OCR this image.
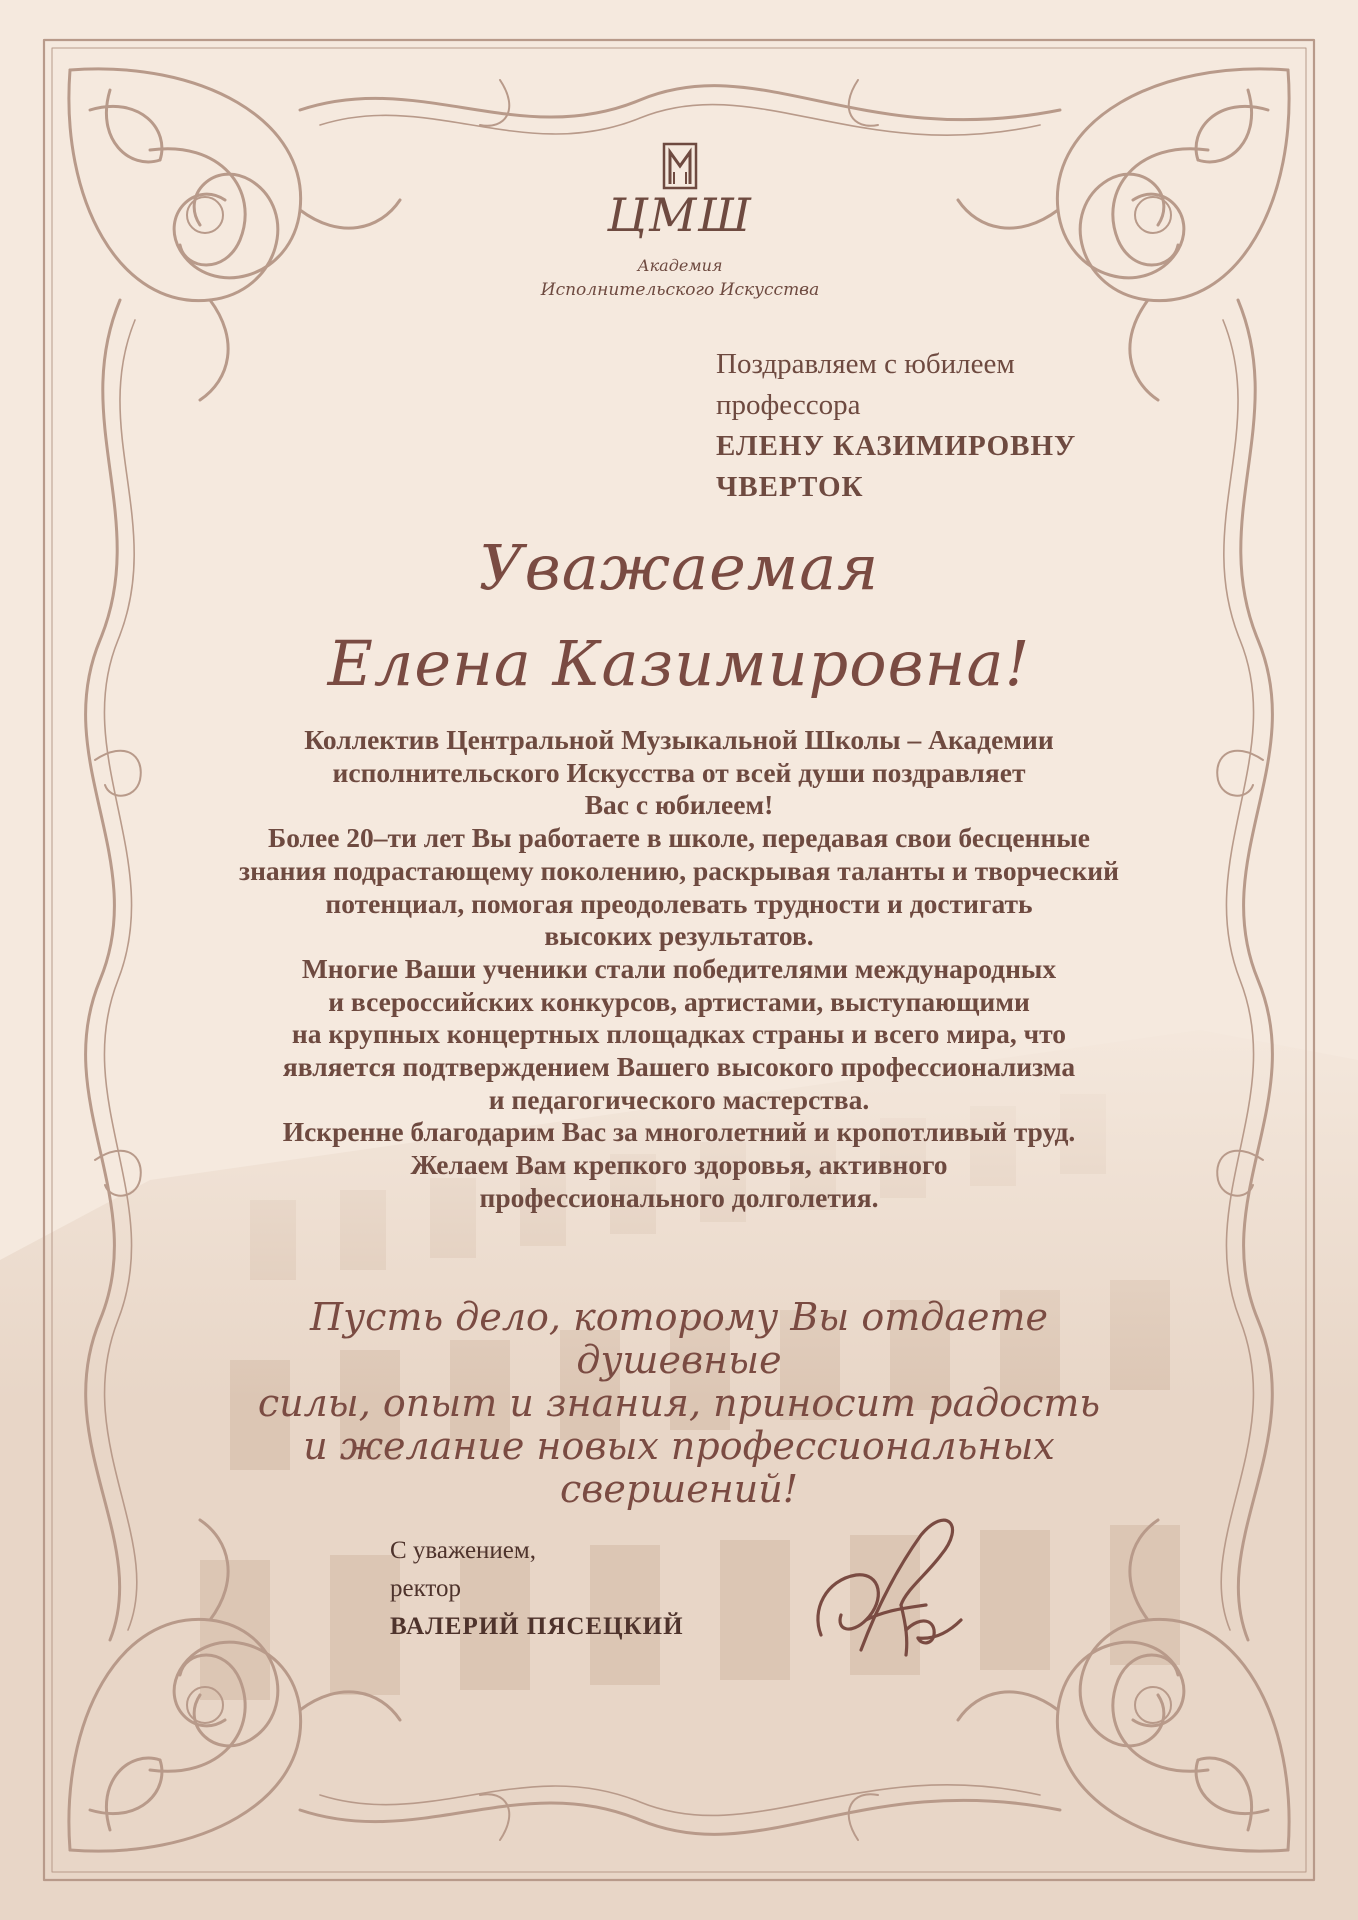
ЦМШ
Академия
Исполнительского Искусства
Поздравляем с юбилеем
профессора
ЕЛЕНУ КАЗИМИРОВНУ
ЧВЕРТОК
Уважаемая
Елена Казимировна!
Коллектив Центральной Музыкальной Школы – Академии
исполнительского Искусства от всей души поздравляет
Вас с юбилеем!
Более 20–ти лет Вы работаете в школе, передавая свои бесценные
знания подрастающему поколению, раскрывая таланты и творческий
потенциал, помогая преодолевать трудности и достигать
высоких результатов.
Многие Ваши ученики стали победителями международных
и всероссийских конкурсов, артистами, выступающими
на крупных концертных площадках страны и всего мира, что
является подтверждением Вашего высокого профессионализма
и педагогического мастерства.
Искренне благодарим Вас за многолетний и кропотливый труд.
Желаем Вам крепкого здоровья, активного
профессионального долголетия.
Пусть дело, которому Вы отдаете душевные
силы, опыт и знания, приносит радость
и желание новых профессиональных
свершений!
С уважением,
ректор
ВАЛЕРИЙ ПЯСЕЦКИЙ
